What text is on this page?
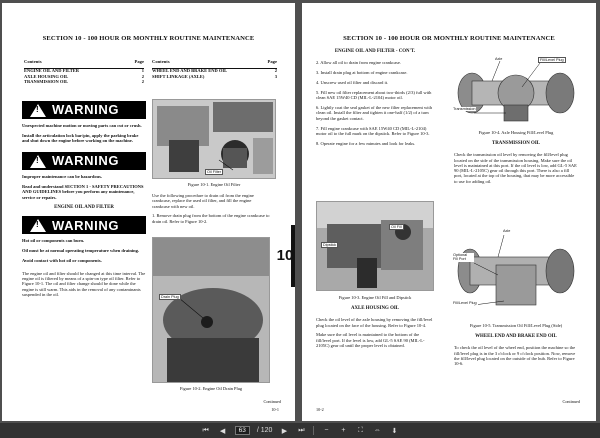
SECTION 10 - 100 HOUR OR MONTHLY ROUTINE MAINTENANCE
Contents	Page
ENGINE OIL AND FILTER	1
AXLE HOUSING OIL	2
TRANSMISSION OIL	2
Contents	Page
WHEEL END AND BRAKE END OIL	2
SHIFT LINKAGE (AXLE)	3
! WARNING

Unexpected machine motion or moving parts can cut or crush.

Install the articulation lock bar/pin, apply the parking brake and shut down the engine before working on the machine.

! WARNING

Improper maintenance can be hazardous.

Read and understand SECTION 1 - SAFETY PRECAUTIONS AND GUIDELINES before you perform any maintenance, service or repairs.

ENGINE OIL AND FILTER
! WARNING

Hot oil or components can burn.

Oil must be at normal operating temperature when draining.

Avoid contact with hot oil or components.

The engine oil and filter should be changed at this time interval. The engine oil is filtered by means of a spin-on type oil filter. Refer to Figure 10-1. The oil and filter change should be done while the engine is still warm. This aids in the removal of any contaminants suspended in the oil.

Oil Filter
Figure 10-1. Engine Oil Filter

Use the following procedure to drain oil from the engine crankcase, replace the used oil filter, and fill the engine crankcase with new oil.

1. Remove drain plug from the bottom of the engine crankcase to drain oil. Refer to Figure 10-2.

Drain Plug
Figure 10-2. Engine Oil Drain Plug
10
Continued
10-1
SECTION 10 - 100 HOUR OR MONTHLY ROUTINE MAINTENANCE
ENGINE OIL AND FILTER - CON'T.

2. Allow all oil to drain from engine crankcase.

3. Install drain plug at bottom of engine crankcase.

4. Unscrew used oil filter and discard it.

5. Fill new oil filter replacement about two-thirds (2/3) full with clean SAE 15W40 CD (MIL-L-2104) motor oil.

6. Lightly coat the seal gasket of the new filter replacement with clean oil. Install the filter and tighten it one-half (1/2) of a turn beyond the gasket contact.

7. Fill engine crankcase with SAE 15W40 CD (MIL-L-2104) motor oil to the full mark on the dipstick. Refer to Figure 10-3.

8. Operate engine for a few minutes and look for leaks.

Oil Fill
Dipstick
Figure 10-3. Engine Oil Fill and Dipstick
AXLE HOUSING OIL

Check the oil level of the axle housing by removing the fill/level plug located on the face of the housing. Refer to Figure 10-4.

Make sure the oil level is maintained to the bottom of the fill/level port. If the level is low, add GL-5 SAE 90 (MIL-L-2105C) gear oil until the proper level is obtained.

Axle	Fill/Level Plug
Transmission
Figure 10-4. Axle Housing Fill/Level Plug
TRANSMISSION OIL

Check the transmission oil level by removing the fill/level plug located on the side of the transmission housing. Make sure the oil level is maintained at this port. If the oil level is low, add GL-5 SAE 90 (MIL-L-2105C) gear oil through this port. There is also a fill port, located at the top of the housing, that may be more accessible to use for adding oil.

Axle
Optional Fill Port
Fill/Level Plug
Figure 10-5. Transmission Oil Fill/Level Plug (Side)
WHEEL END AND BRAKE END OIL

To check the oil level of the wheel end, position the machine so the fill/level plug is in the 3 o'clock or 9 o'clock position. Now, remove the fill/level plug located on the outside of the hub. Refer to Figure 10-6.

Continued
10-2
⏮	◀	63	/ 120	▶	⏭	−	+	⛶	⇔ ⬇
